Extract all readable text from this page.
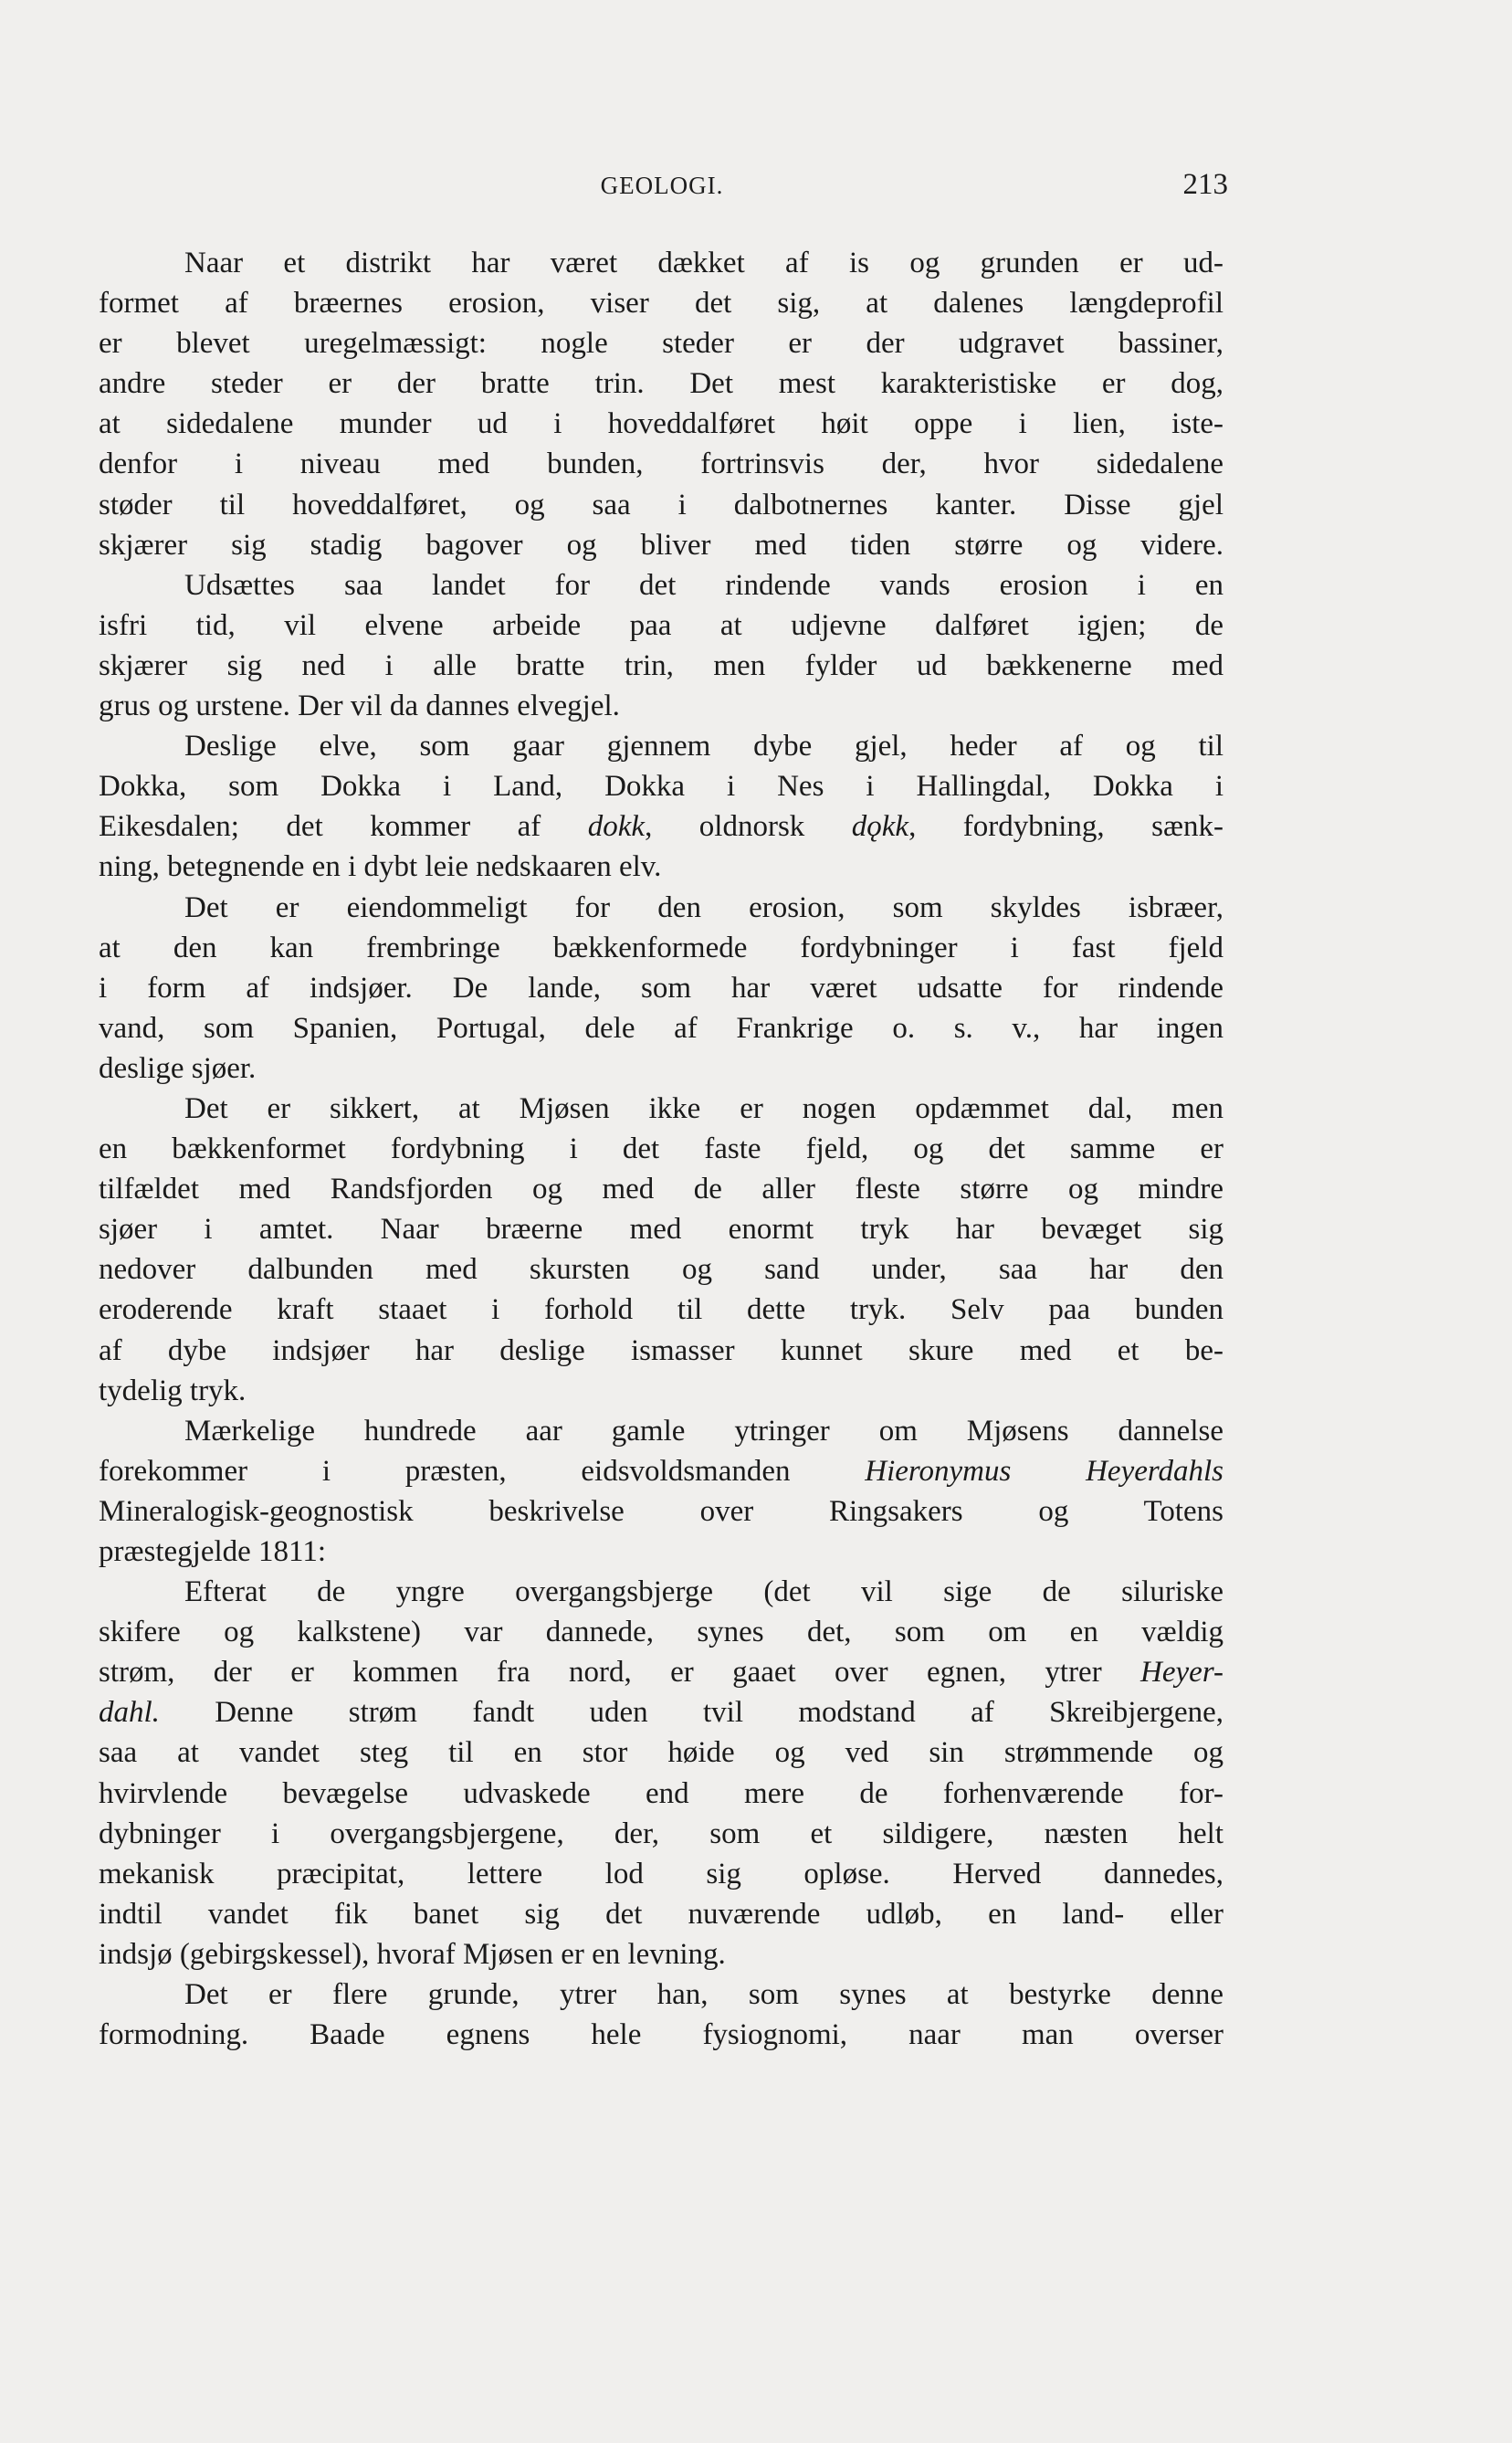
GEOLOGI.	213
Naar et distrikt har været dækket af is og grunden er ud-
formet af bræernes erosion, viser det sig, at dalenes længdeprofil
er blevet uregelmæssigt: nogle steder er der udgravet bassiner,
andre steder er der bratte trin. Det mest karakteristiske er dog,
at sidedalene munder ud i hoveddalføret høit oppe i lien, iste-
denfor i niveau med bunden, fortrinsvis der, hvor sidedalene
støder til hoveddalføret, og saa i dalbotnernes kanter. Disse gjel
skjærer sig stadig bagover og bliver med tiden større og videre.
Udsættes saa landet for det rindende vands erosion i en
isfri tid, vil elvene arbeide paa at udjevne dalføret igjen; de
skjærer sig ned i alle bratte trin, men fylder ud bækkenerne med
grus og urstene. Der vil da dannes elvegjel.
Deslige elve, som gaar gjennem dybe gjel, heder af og til
Dokka, som Dokka i Land, Dokka i Nes i Hallingdal, Dokka i
Eikesdalen; det kommer af dokk, oldnorsk dǫkk, fordybning, sænk-
ning, betegnende en i dybt leie nedskaaren elv.
Det er eiendommeligt for den erosion, som skyldes isbræer,
at den kan frembringe bækkenformede fordybninger i fast fjeld
i form af indsjøer. De lande, som har været udsatte for rindende
vand, som Spanien, Portugal, dele af Frankrige o. s. v., har ingen
deslige sjøer.
Det er sikkert, at Mjøsen ikke er nogen opdæmmet dal, men
en bækkenformet fordybning i det faste fjeld, og det samme er
tilfældet med Randsfjorden og med de aller fleste større og mindre
sjøer i amtet. Naar bræerne med enormt tryk har bevæget sig
nedover dalbunden med skursten og sand under, saa har den
eroderende kraft staaet i forhold til dette tryk. Selv paa bunden
af dybe indsjøer har deslige ismasser kunnet skure med et be-
tydelig tryk.
Mærkelige hundrede aar gamle ytringer om Mjøsens dannelse
forekommer i præsten, eidsvoldsmanden Hieronymus Heyerdahls
Mineralogisk-geognostisk beskrivelse over Ringsakers og Totens
præstegjelde 1811:
Efterat de yngre overgangsbjerge (det vil sige de siluriske
skifere og kalkstene) var dannede, synes det, som om en vældig
strøm, der er kommen fra nord, er gaaet over egnen, ytrer Heyer-
dahl. Denne strøm fandt uden tvil modstand af Skreibjergene,
saa at vandet steg til en stor høide og ved sin strømmende og
hvirvlende bevægelse udvaskede end mere de forhenværende for-
dybninger i overgangsbjergene, der, som et sildigere, næsten helt
mekanisk præcipitat, lettere lod sig opløse. Herved dannedes,
indtil vandet fik banet sig det nuværende udløb, en land- eller
indsjø (gebirgskessel), hvoraf Mjøsen er en levning.
Det er flere grunde, ytrer han, som synes at bestyrke denne
formodning. Baade egnens hele fysiognomi, naar man overser
